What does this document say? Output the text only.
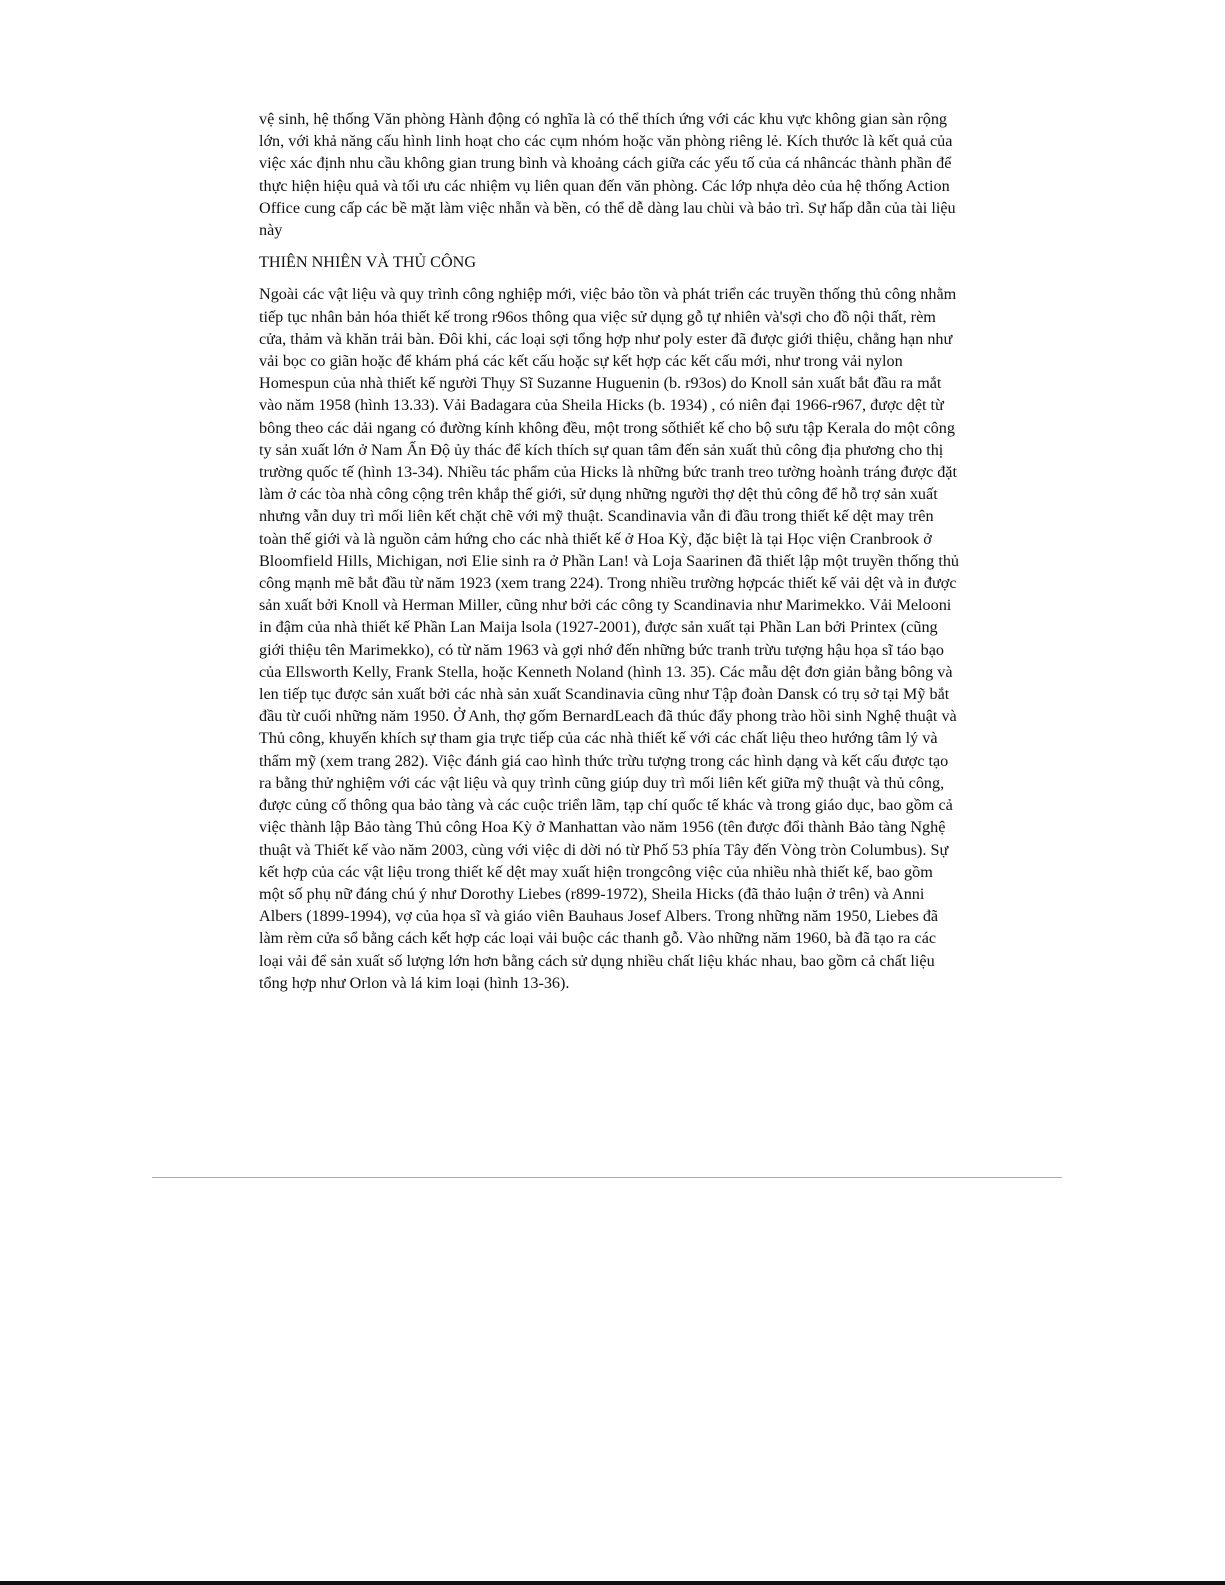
vệ sinh, hệ thống Văn phòng Hành động có nghĩa là có thể thích ứng với các khu vực không gian sàn rộng lớn, với khả năng cấu hình linh hoạt cho các cụm nhóm hoặc văn phòng riêng lẻ. Kích thước là kết quả của việc xác định nhu cầu không gian trung bình và khoảng cách giữa các yếu tố của cá nhâncác thành phần để thực hiện hiệu quả và tối ưu các nhiệm vụ liên quan đến văn phòng. Các lớp nhựa dẻo của hệ thống Action Office cung cấp các bề mặt làm việc nhẵn và bền, có thể dễ dàng lau chùi và bảo trì. Sự hấp dẫn của tài liệu này

THIÊN NHIÊN VÀ THỦ CÔNG

Ngoài các vật liệu và quy trình công nghiệp mới, việc bảo tồn và phát triển các truyền thống thủ công nhằm tiếp tục nhân bản hóa thiết kế trong r96os thông qua việc sử dụng gỗ tự nhiên và'sợi cho đồ nội thất, rèm cửa, thảm và khăn trải bàn. Đôi khi, các loại sợi tổng hợp như poly ester đã được giới thiệu, chẳng hạn như vải bọc co giãn hoặc để khám phá các kết cấu hoặc sự kết hợp các kết cấu mới, như trong vải nylon Homespun của nhà thiết kế người Thụy Sĩ Suzanne Huguenin (b. r93os) do Knoll sản xuất bắt đầu ra mắt vào năm 1958 (hình 13.33). Vải Badagara của Sheila Hicks (b. 1934) , có niên đại 1966-r967, được dệt từ bông theo các dải ngang có đường kính không đều, một trong sốthiết kế cho bộ sưu tập Kerala do một công ty sản xuất lớn ở Nam Ấn Độ ủy thác để kích thích sự quan tâm đến sản xuất thủ công địa phương cho thị trường quốc tế (hình 13-34). Nhiều tác phẩm của Hicks là những bức tranh treo tường hoành tráng được đặt làm ở các tòa nhà công cộng trên khắp thế giới, sử dụng những người thợ dệt thủ công để hỗ trợ sản xuất nhưng vẫn duy trì mối liên kết chặt chẽ với mỹ thuật. Scandinavia vẫn đi đầu trong thiết kế dệt may trên toàn thế giới và là nguồn cảm hứng cho các nhà thiết kế ở Hoa Kỳ, đặc biệt là tại Học viện Cranbrook ở Bloomfield Hills, Michigan, nơi Elie sinh ra ở Phần Lan! và Loja Saarinen đã thiết lập một truyền thống thủ công mạnh mẽ bắt đầu từ năm 1923 (xem trang 224). Trong nhiều trường hợpcác thiết kế vải dệt và in được sản xuất bởi Knoll và Herman Miller, cũng như bởi các công ty Scandinavia như Marimekko. Vải Melooni in đậm của nhà thiết kế Phần Lan Maija lsola (1927-2001), được sản xuất tại Phần Lan bởi Printex (cũng giới thiệu tên Marimekko), có từ năm 1963 và gợi nhớ đến những bức tranh trừu tượng hậu họa sĩ táo bạo của Ellsworth Kelly, Frank Stella, hoặc Kenneth Noland (hình 13. 35). Các mẫu dệt đơn giản bằng bông và len tiếp tục được sản xuất bởi các nhà sản xuất Scandinavia cũng như Tập đoàn Dansk có trụ sở tại Mỹ bắt đầu từ cuối những năm 1950. Ở Anh, thợ gốm BernardLeach đã thúc đẩy phong trào hồi sinh Nghệ thuật và Thủ công, khuyến khích sự tham gia trực tiếp của các nhà thiết kế với các chất liệu theo hướng tâm lý và thẩm mỹ (xem trang 282). Việc đánh giá cao hình thức trừu tượng trong các hình dạng và kết cấu được tạo ra bằng thử nghiệm với các vật liệu và quy trình cũng giúp duy trì mối liên kết giữa mỹ thuật và thủ công, được củng cố thông qua bảo tàng và các cuộc triển lãm, tạp chí quốc tế khác và trong giáo dục, bao gồm cả việc thành lập Bảo tàng Thủ công Hoa Kỳ ở Manhattan vào năm 1956 (tên được đổi thành Bảo tàng Nghệ thuật và Thiết kế vào năm 2003, cùng với việc di dời nó từ Phố 53 phía Tây đến Vòng tròn Columbus). Sự kết hợp của các vật liệu trong thiết kế dệt may xuất hiện trongcông việc của nhiều nhà thiết kế, bao gồm một số phụ nữ đáng chú ý như Dorothy Liebes (r899-1972), Sheila Hicks (đã thảo luận ở trên) và Anni Albers (1899-1994), vợ của họa sĩ và giáo viên Bauhaus Josef Albers. Trong những năm 1950, Liebes đã làm rèm cửa sổ bằng cách kết hợp các loại vải buộc các thanh gỗ. Vào những năm 1960, bà đã tạo ra các loại vải để sản xuất số lượng lớn hơn bằng cách sử dụng nhiều chất liệu khác nhau, bao gồm cả chất liệu tổng hợp như Orlon và lá kim loại (hình 13-36).
